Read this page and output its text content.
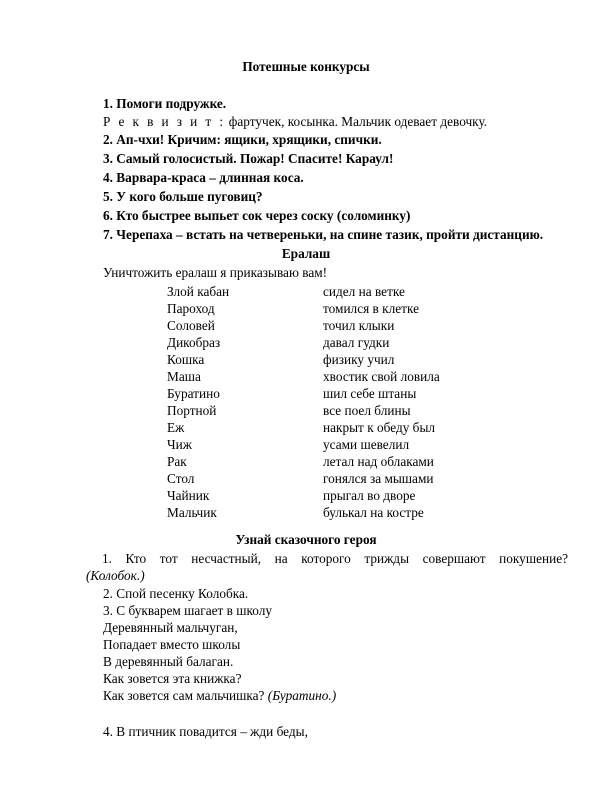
Потешные конкурсы
1. Помоги подружке.
Р е к в и з и т : фартучек, косынка. Мальчик одевает девочку.
2. Ап-чхи! Кричим: ящики, хрящики, спички.
3. Самый голосистый. Пожар! Спасите! Караул!
4. Варвара-краса – длинная коса.
5. У кого больше пуговиц?
6. Кто быстрее выпьет сок через соску (соломинку)
7. Черепаха – встать на четвереньки, на спине тазик, пройти дистанцию.
Ералаш
Уничтожить ералаш я приказываю вам!
Злой кабан	сидел на ветке
Пароход	томился в клетке
Соловей	точил клыки
Дикобраз	давал гудки
Кошка	физику учил
Маша	хвостик свой ловила
Буратино	шил себе штаны
Портной	все поел блины
Еж	накрыт к обеду был
Чиж	усами шевелил
Рак	летал над облаками
Стол	гонялся за мышами
Чайник	прыгал во дворе
Мальчик	булькал на костре
Узнай сказочного героя
1. Кто тот несчастный, на которого трижды совершают покушение?
(Колобок.)
2. Спой песенку Колобка.
3. С букварем шагает в школу
Деревянный мальчуган,
Попадает вместо школы
В деревянный балаган.
Как зовется эта книжка?
Как зовется сам мальчишка? (Буратино.)
4. В птичник повадится – жди беды,
